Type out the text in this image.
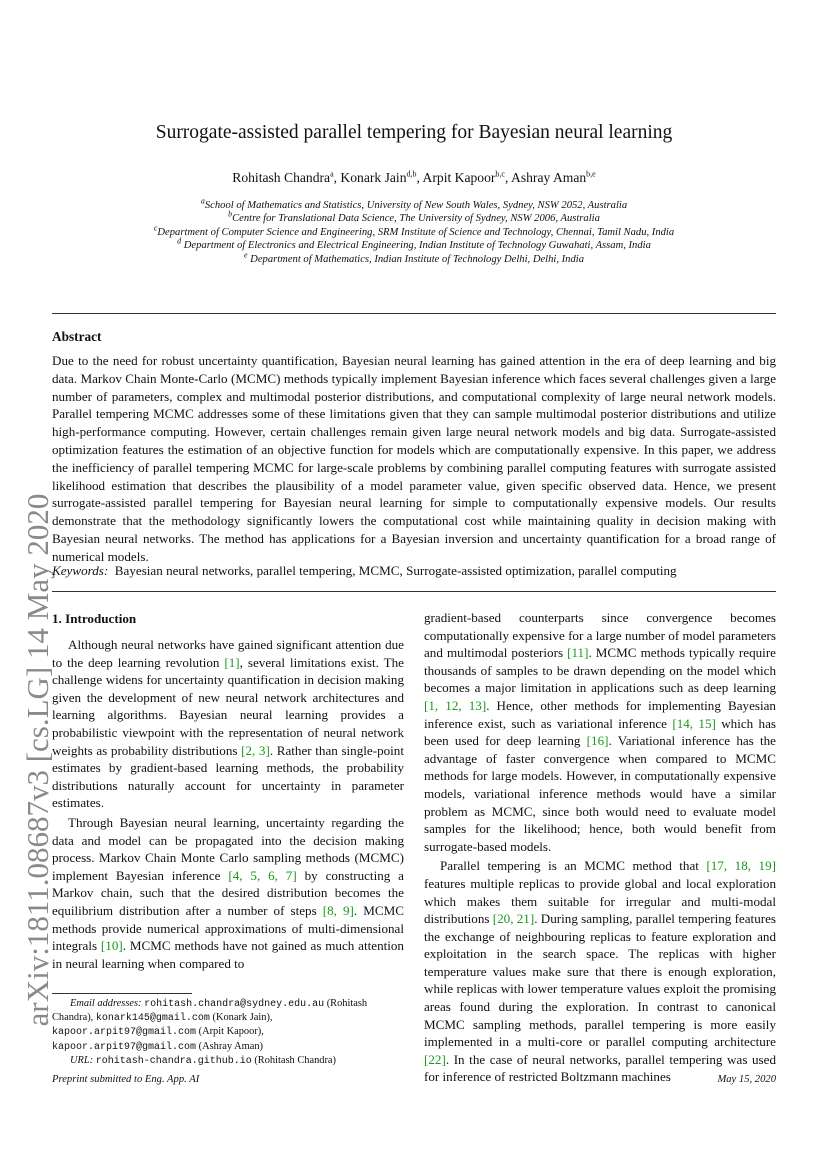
arXiv:1811.08687v3 [cs.LG] 14 May 2020
Surrogate-assisted parallel tempering for Bayesian neural learning
Rohitash Chandra$^a$, Konark Jain$^{d,b}$, Arpit Kapoor$^{b,c}$, Ashray Aman$^{b,e}$
$^a$School of Mathematics and Statistics, University of New South Wales, Sydney, NSW 2052, Australia
$^b$Centre for Translational Data Science, The University of Sydney, NSW 2006, Australia
$^c$Department of Computer Science and Engineering, SRM Institute of Science and Technology, Chennai, Tamil Nadu, India
$^d$ Department of Electronics and Electrical Engineering, Indian Institute of Technology Guwahati, Assam, India
$^e$ Department of Mathematics, Indian Institute of Technology Delhi, Delhi, India
Abstract
Due to the need for robust uncertainty quantification, Bayesian neural learning has gained attention in the era of deep learning and big data. Markov Chain Monte-Carlo (MCMC) methods typically implement Bayesian inference which faces several challenges given a large number of parameters, complex and multimodal posterior distributions, and computational complexity of large neural network models. Parallel tempering MCMC addresses some of these limitations given that they can sample multimodal posterior distributions and utilize high-performance computing. However, certain challenges remain given large neural network models and big data. Surrogate-assisted optimization features the estimation of an objective function for models which are computationally expensive. In this paper, we address the inefficiency of parallel tempering MCMC for large-scale problems by combining parallel computing features with surrogate assisted likelihood estimation that describes the plausibility of a model parameter value, given specific observed data. Hence, we present surrogate-assisted parallel tempering for Bayesian neural learning for simple to computationally expensive models. Our results demonstrate that the methodology significantly lowers the computational cost while maintaining quality in decision making with Bayesian neural networks. The method has applications for a Bayesian inversion and uncertainty quantification for a broad range of numerical models.
Keywords: Bayesian neural networks, parallel tempering, MCMC, Surrogate-assisted optimization, parallel computing
1. Introduction

Although neural networks have gained significant attention due to the deep learning revolution [1], several limitations exist. The challenge widens for uncertainty quantification in decision making given the development of new neural network architectures and learning algorithms. Bayesian neural learning provides a probabilistic viewpoint with the representation of neural network weights as probability distributions [2, 3]. Rather than single-point estimates by gradient-based learning methods, the probability distributions naturally account for uncertainty in parameter estimates.

Through Bayesian neural learning, uncertainty regarding the data and model can be propagated into the decision making process. Markov Chain Monte Carlo sampling methods (MCMC) implement Bayesian inference [4, 5, 6, 7] by constructing a Markov chain, such that the desired distribution becomes the equilibrium distribution after a number of steps [8, 9]. MCMC methods provide numerical approximations of multi-dimensional integrals [10]. MCMC methods have not gained as much attention in neural learning when compared to

gradient-based counterparts since convergence becomes computationally expensive for a large number of model parameters and multimodal posteriors [11]. MCMC methods typically require thousands of samples to be drawn depending on the model which becomes a major limitation in applications such as deep learning [1, 12, 13]. Hence, other methods for implementing Bayesian inference exist, such as variational inference [14, 15] which has been used for deep learning [16]. Variational inference has the advantage of faster convergence when compared to MCMC methods for large models. However, in computationally expensive models, variational inference methods would have a similar problem as MCMC, since both would need to evaluate model samples for the likelihood; hence, both would benefit from surrogate-based models.

Parallel tempering is an MCMC method that [17, 18, 19] features multiple replicas to provide global and local exploration which makes them suitable for irregular and multi-modal distributions [20, 21]. During sampling, parallel tempering features the exchange of neighbouring replicas to feature exploration and exploitation in the search space. The replicas with higher temperature values make sure that there is enough exploration, while replicas with lower temperature values exploit the promising areas found during the exploration. In contrast to canonical MCMC sampling methods, parallel tempering is more easily implemented in a multi-core or parallel computing architecture [22]. In the case of neural networks, parallel tempering was used for inference of restricted Boltzmann machines

Email addresses: rohitash.chandra@sydney.edu.au (Rohitash Chandra), konark145@gmail.com (Konark Jain), kapoor.arpit97@gmail.com (Arpit Kapoor), kapoor.arpit97@gmail.com (Ashray Aman)
URL: rohitash-chandra.github.io (Rohitash Chandra)
Preprint submitted to Eng. App. AI	May 15, 2020
